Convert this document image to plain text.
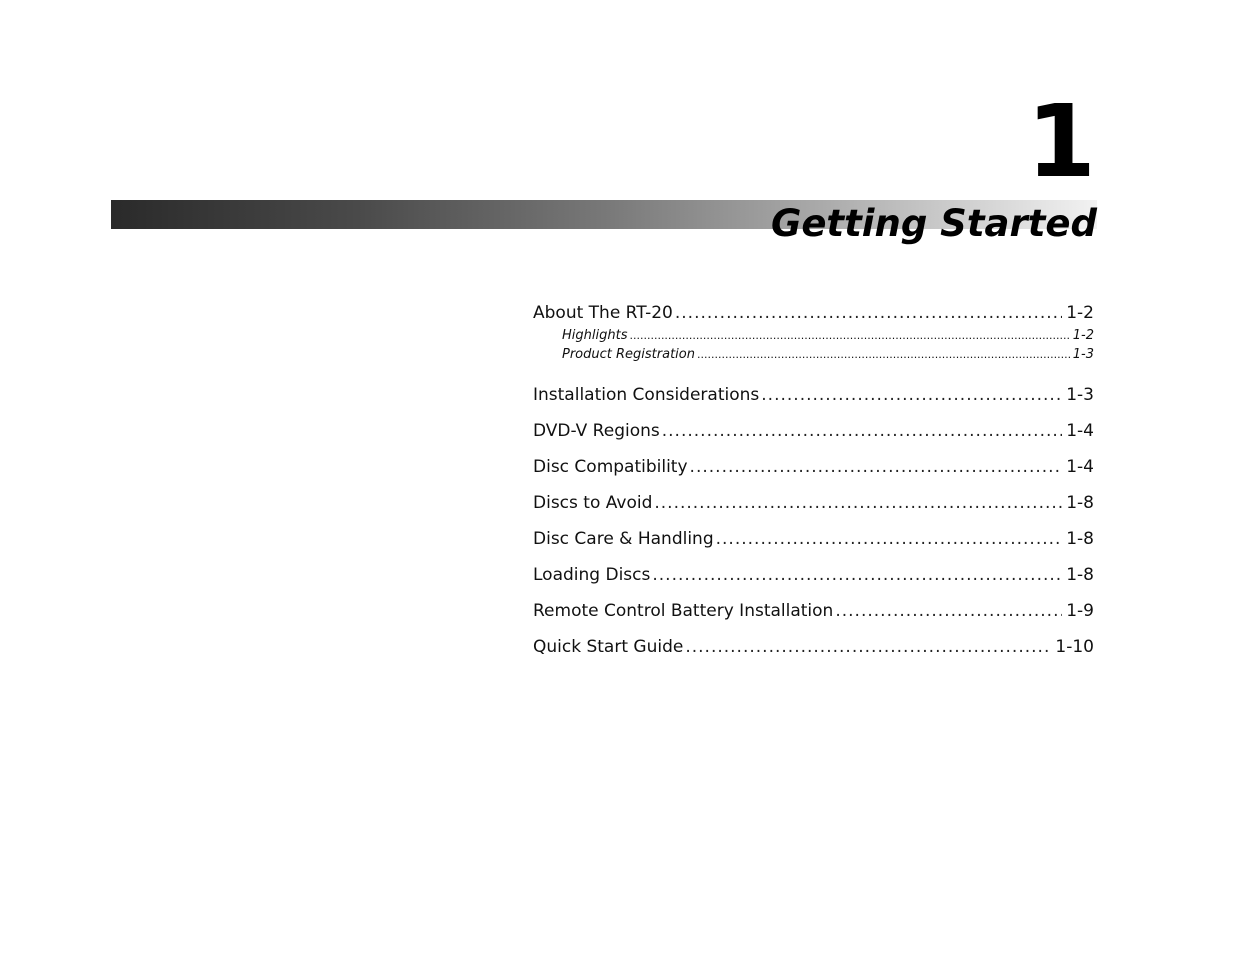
1
Getting Started
About The RT-20 .....	1-2
Highlights .....	1-2
Product Registration .....	1-3
Installation Considerations .....	1-3
DVD-V Regions .....	1-4
Disc Compatibility .....	1-4
Discs to Avoid .....	1-8
Disc Care & Handling .....	1-8
Loading Discs .....	1-8
Remote Control Battery Installation .....	1-9
Quick Start Guide .....	1-10
